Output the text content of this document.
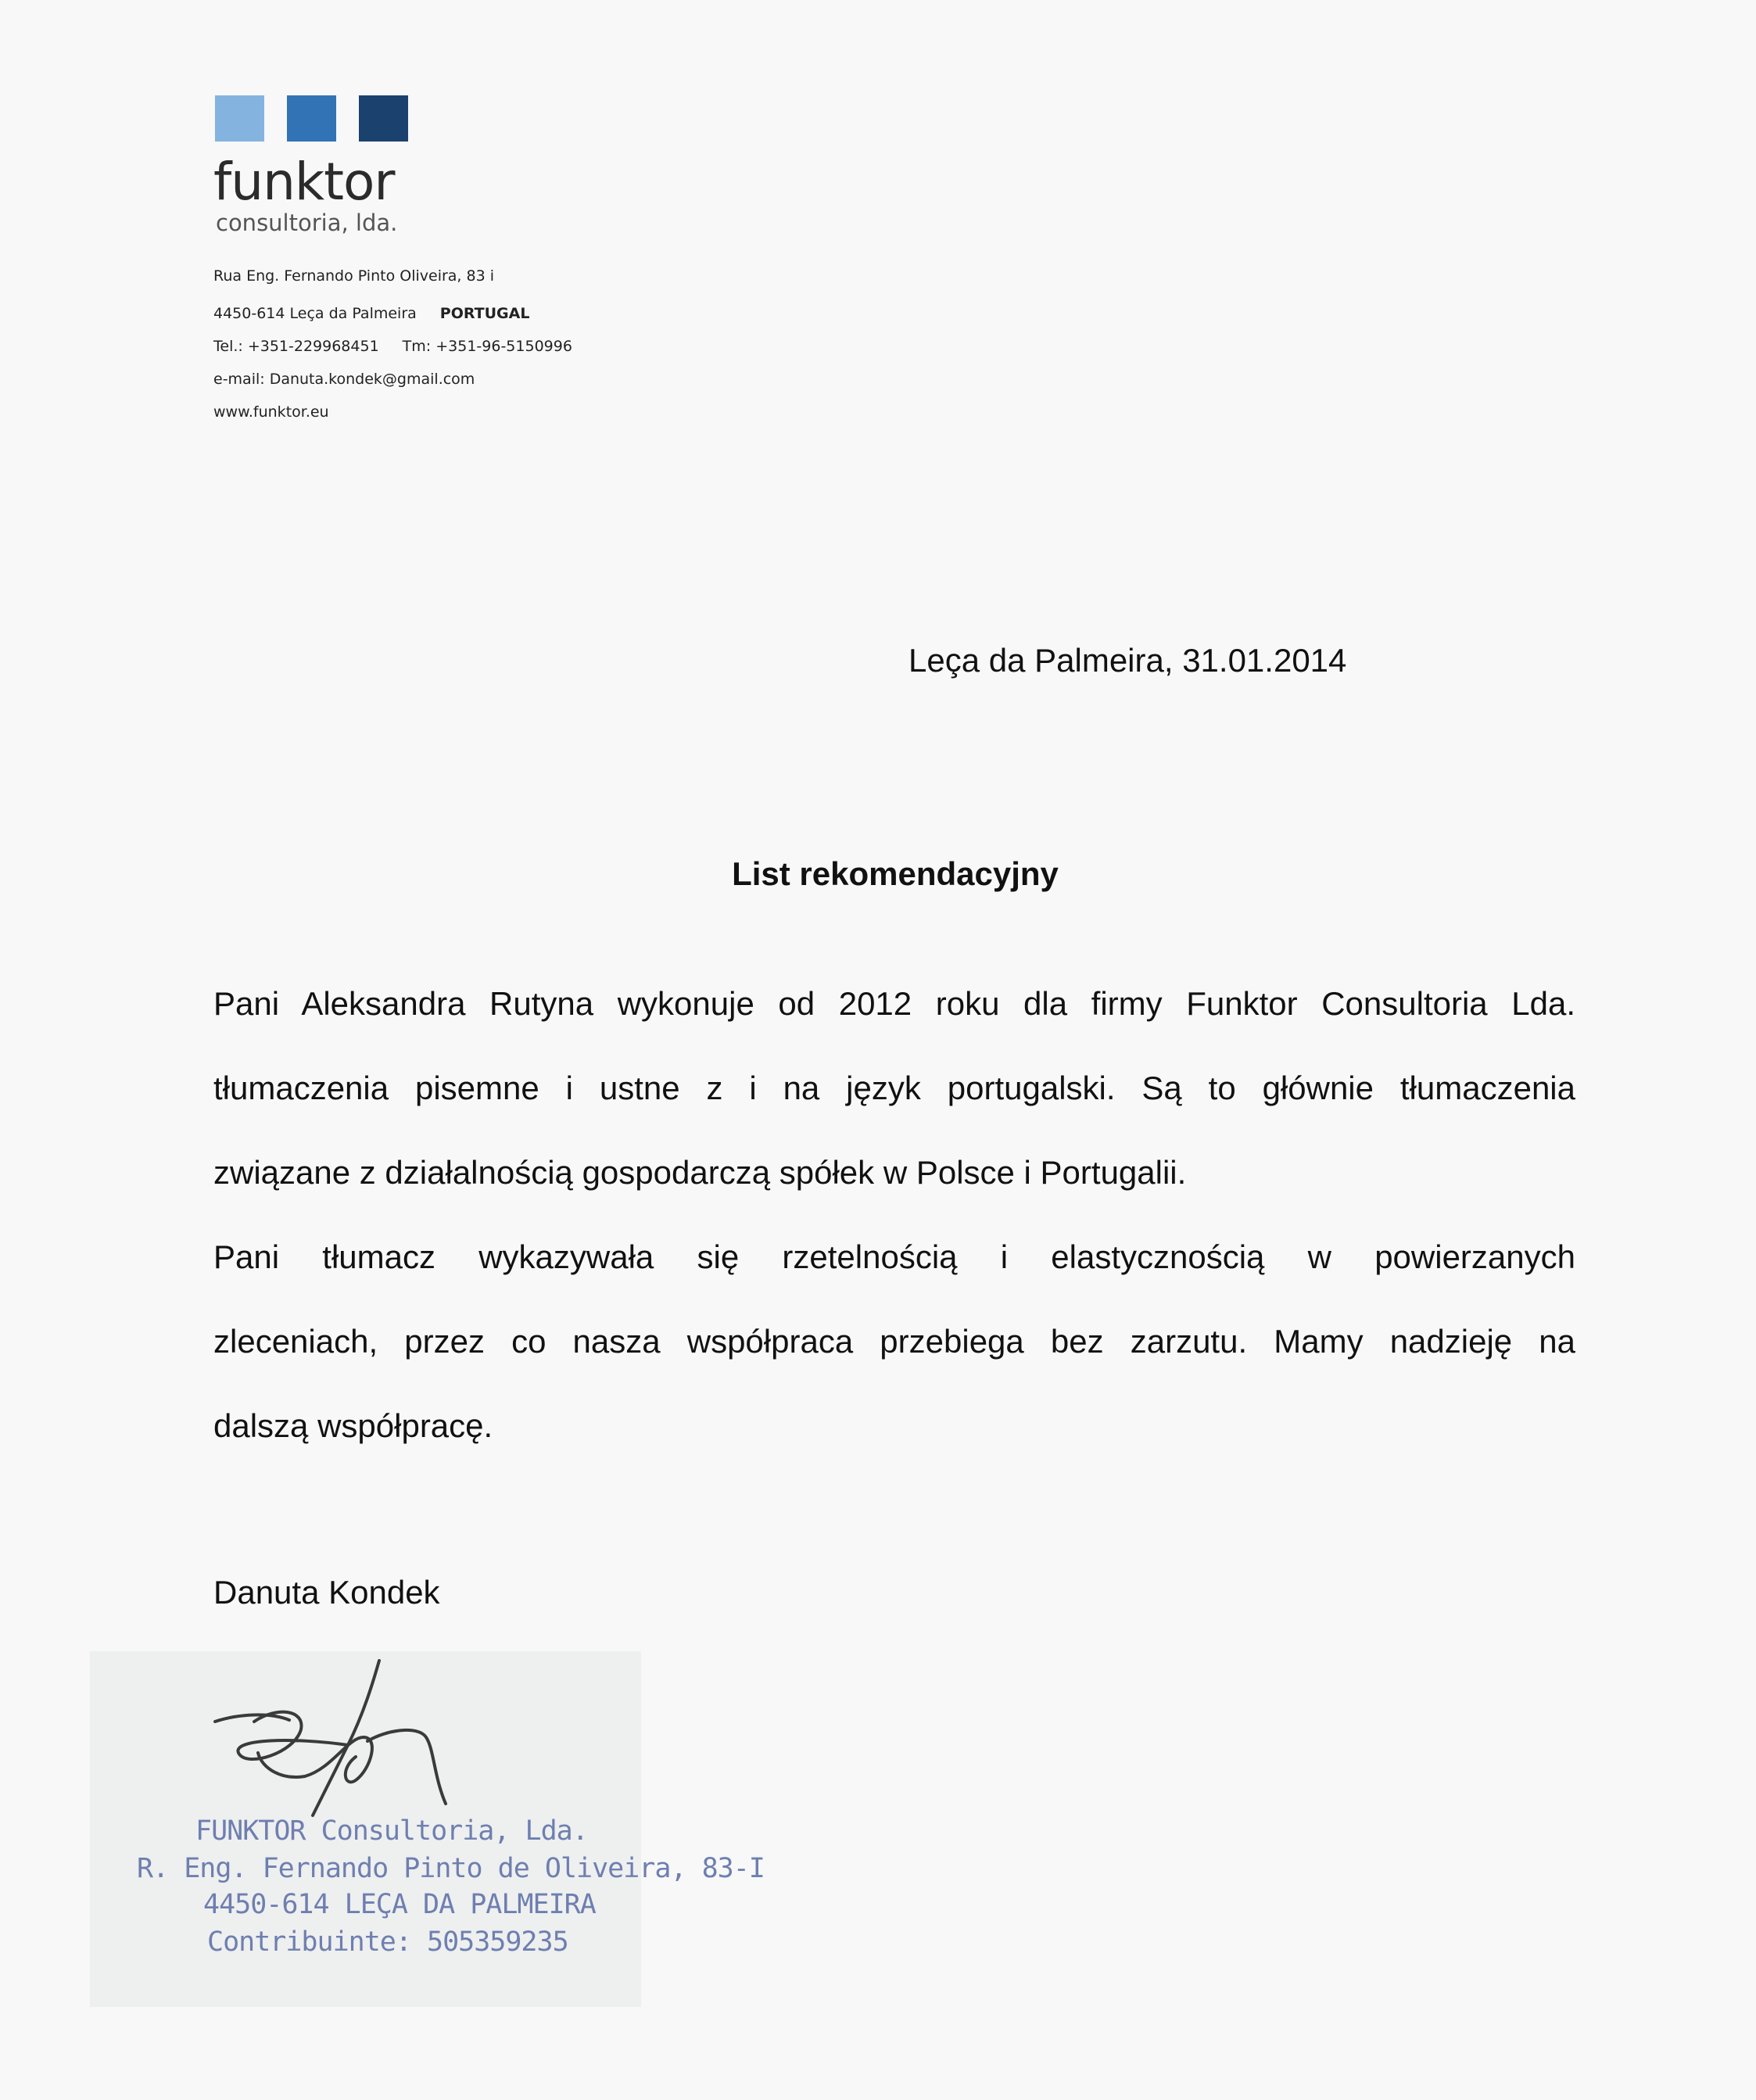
funktor
consultoria, lda.
Rua Eng. Fernando Pinto Oliveira, 83 i
4450-614 Leça da Palmeira PORTUGAL
Tel.: +351-229968451 Tm: +351-96-5150996
e-mail: Danuta.kondek@gmail.com
www.funktor.eu
Leça da Palmeira, 31.01.2014
List rekomendacyjny
Pani Aleksandra Rutyna wykonuje od 2012 roku dla firmy Funktor Consultoria Lda.
tłumaczenia pisemne i ustne z i na język portugalski. Są to głównie tłumaczenia
związane z działalnością gospodarczą spółek w Polsce i Portugalii.
Pani tłumacz wykazywała się rzetelnością i elastycznością w powierzanych
zleceniach, przez co nasza współpraca przebiega bez zarzutu. Mamy nadzieję na
dalszą współpracę.
Danuta Kondek
FUNKTOR Consultoria, Lda.
R. Eng. Fernando Pinto de Oliveira, 83-I
4450-614 LEÇA DA PALMEIRA
Contribuinte: 505359235
